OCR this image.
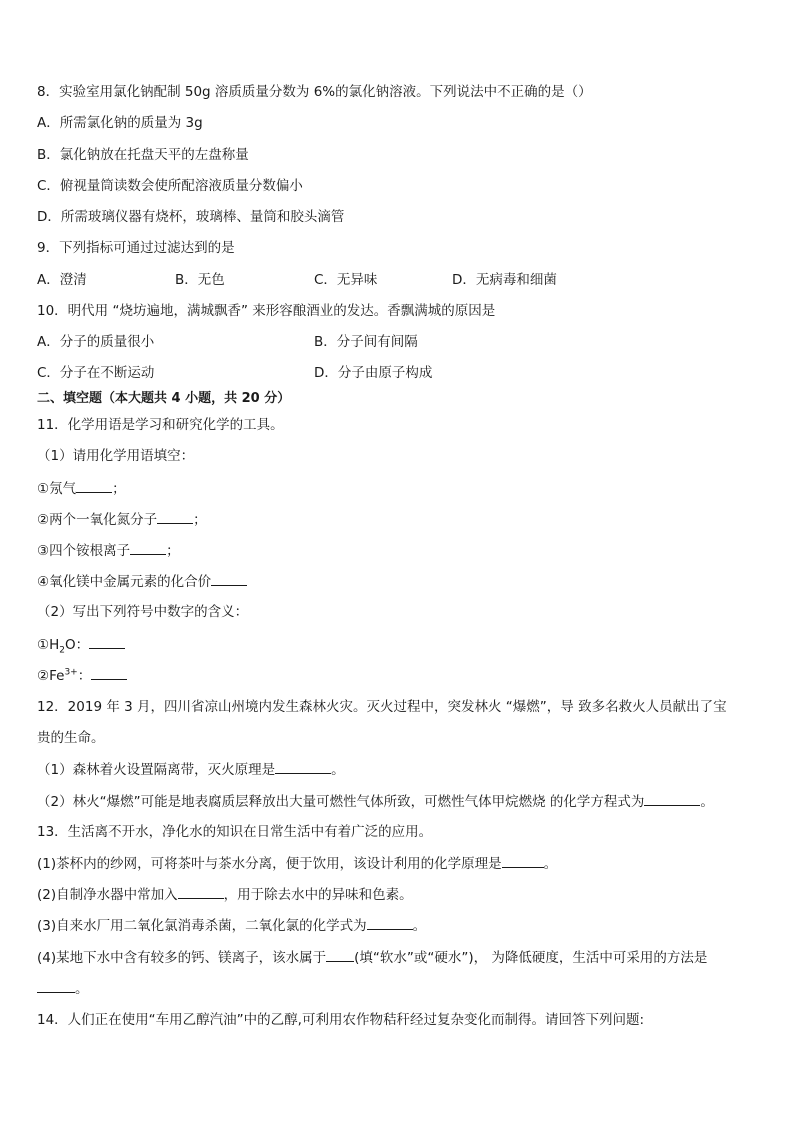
8．实验室用氯化钠配制 50g 溶质质量分数为 6%的氯化钠溶液。下列说法中不正确的是（）
A．所需氯化钠的质量为 3g
B．氯化钠放在托盘天平的左盘称量
C．俯视量筒读数会使所配溶液质量分数偏小
D．所需玻璃仪器有烧杯，玻璃棒、量筒和胶头滴管
9．下列指标可通过过滤达到的是
A．澄清	B．无色	C．无异味	D．无病毒和细菌
10．明代用 “烧坊遍地，满城飘香” 来形容酿酒业的发达。香飘满城的原因是
A．分子的质量很小	B．分子间有间隔
C．分子在不断运动	D．分子由原子构成
二、填空题（本大题共 4 小题，共 20 分）
11．化学用语是学习和研究化学的工具。
（1）请用化学用语填空：
①氖气	；
②两个一氧化氮分子	；
③四个铵根离子	；
④氧化镁中金属元素的化合价
（2）写出下列符号中数字的含义：
$①H_2O$：
$②Fe^{3+}$：
12．2019 年 3 月，四川省凉山州境内发生森林火灾。灭火过程中，突发林火 “爆燃”，导 致多名救火人员献出了宝
贵的生命。
（1）森林着火设置隔离带，灭火原理是	。
（2）林火“爆燃”可能是地表腐质层释放出大量可燃性气体所致，可燃性气体甲烷燃烧 的化学方程式为	。
13．生活离不开水，净化水的知识在日常生活中有着广泛的应用。
(1)茶杯内的纱网，可将茶叶与茶水分离，便于饮用，该设计利用的化学原理是	。
(2)自制净水器中常加入	，用于除去水中的异味和色素。
(3)自来水厂用二氧化氯消毒杀菌，二氧化氯的化学式为	。
(4)某地下水中含有较多的钙、镁离子，该水属于 (填“软水”或“硬水”)， 为降低硬度，生活中可采用的方法是
。
14．人们正在使用“车用乙醇汽油”中的乙醇,可利用农作物秸秆经过复杂变化而制得。请回答下列问题:
